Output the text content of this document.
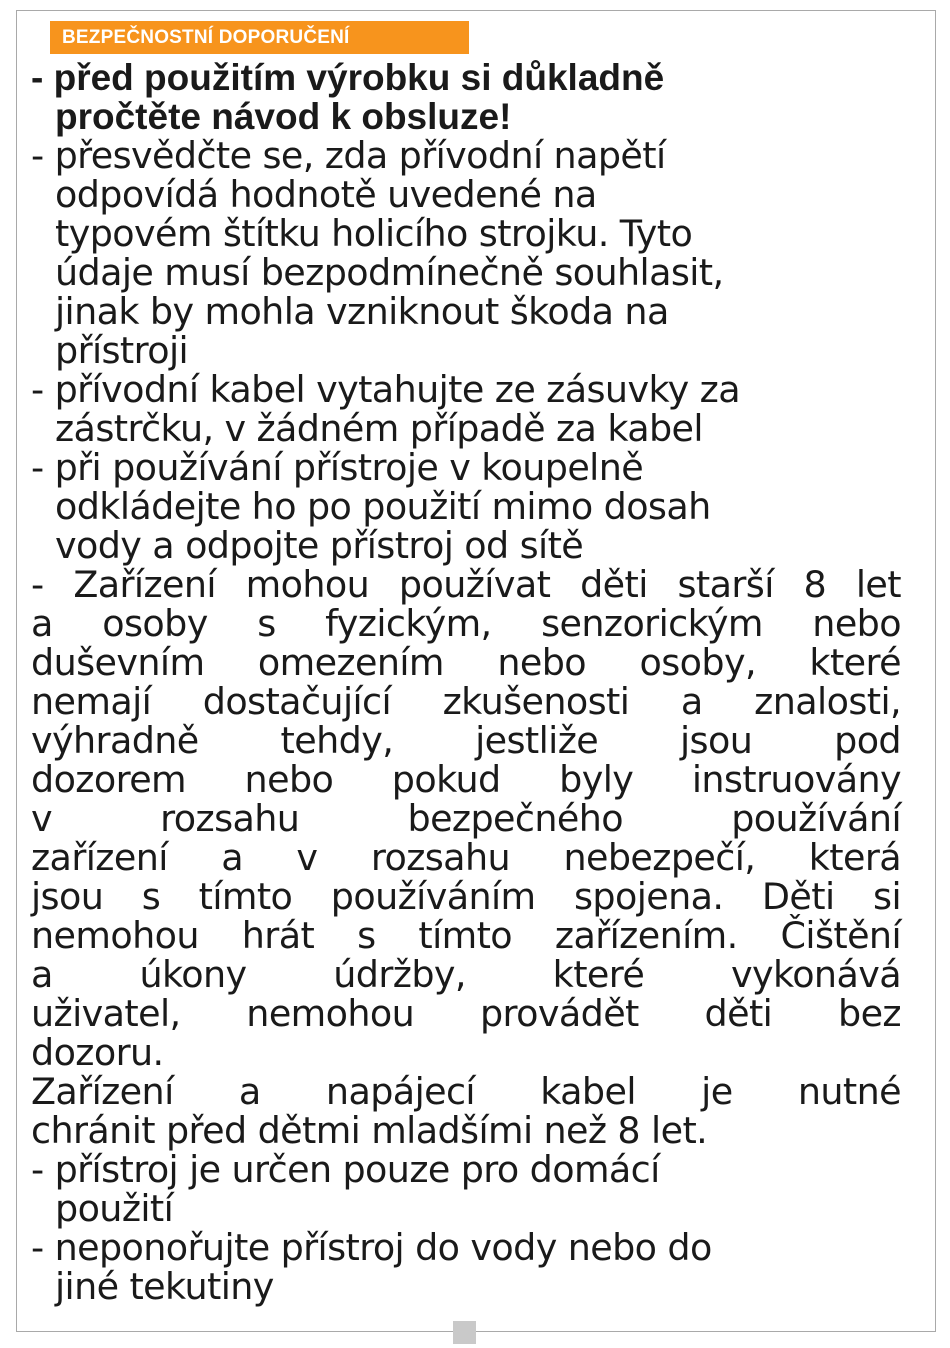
BEZPEČNOSTNÍ DOPORUČENÍ
- před použitím výrobku si důkladně
pročtěte návod k obsluze!
- přesvědčte se, zda přívodní napětí
odpovídá hodnotě uvedené na
typovém štítku holicího strojku. Tyto
údaje musí bezpodmínečně souhlasit,
jinak by mohla vzniknout škoda na
přístroji
- přívodní kabel vytahujte ze zásuvky za
zástrčku, v žádném případě za kabel
- při používání přístroje v koupelně
odkládejte ho po použití mimo dosah
vody a odpojte přístroj od sítě
- Zařízení mohou používat děti starší 8 let
a osoby s fyzickým, senzorickým nebo
duševním omezením nebo osoby, které
nemají dostačující zkušenosti a znalosti,
výhradně tehdy, jestliže jsou pod
dozorem nebo pokud byly instruovány
v rozsahu bezpečného používání
zařízení a v rozsahu nebezpečí, která
jsou s tímto používáním spojena. Děti si
nemohou hrát s tímto zařízením. Čištění
a úkony údržby, které vykonává
uživatel, nemohou provádět děti bez
dozoru.
Zařízení a napájecí kabel je nutné
chránit před dětmi mladšími než 8 let.
- přístroj je určen pouze pro domácí
použití
- neponořujte přístroj do vody nebo do
jiné tekutiny
